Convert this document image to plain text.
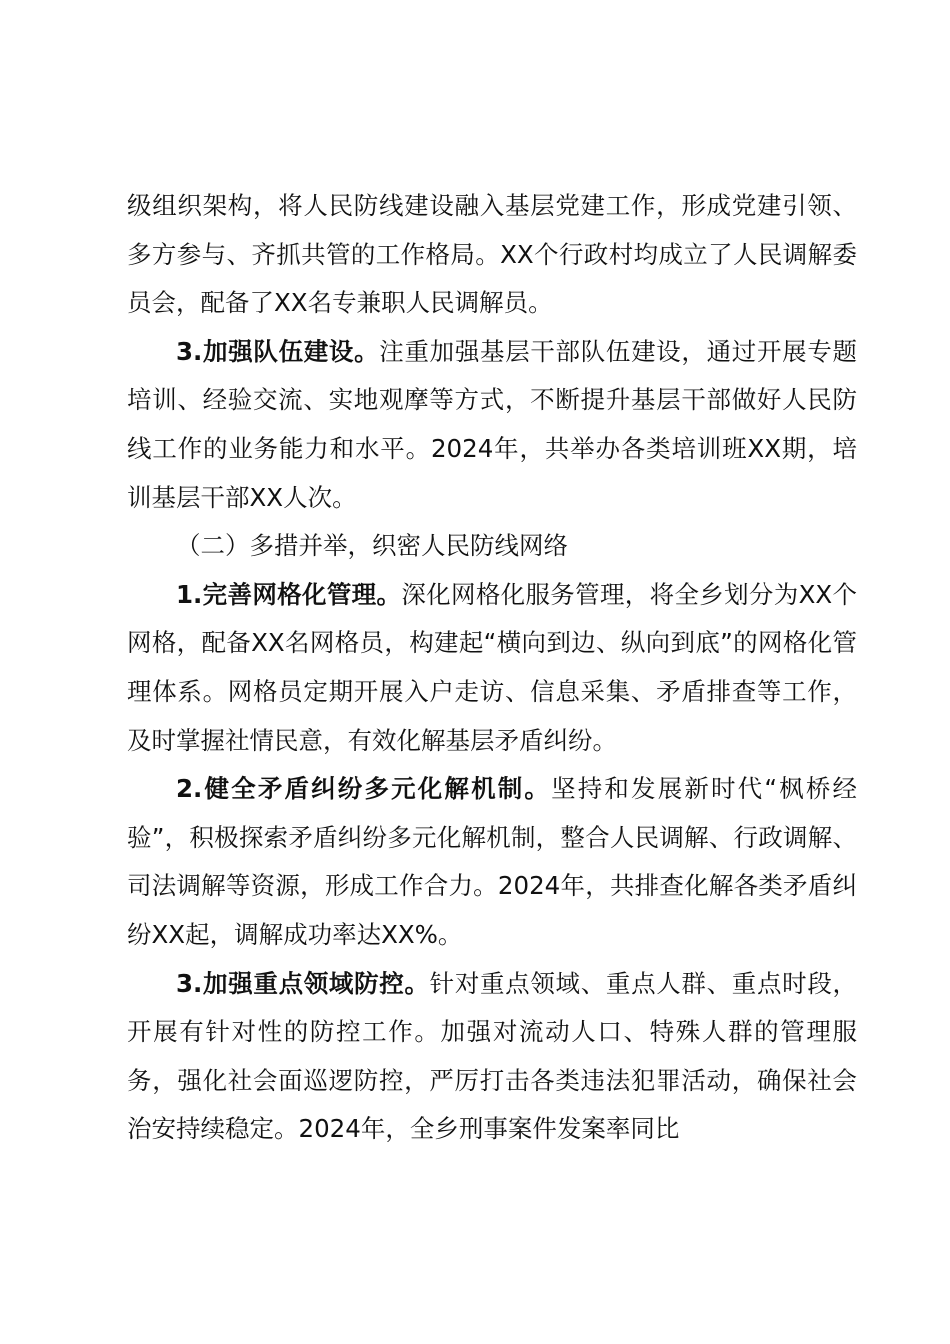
级组织架构，将人民防线建设融入基层党建工作，形成党建引领、多方参与、齐抓共管的工作格局。XX个行政村均成立了人民调解委员会，配备了XX名专兼职人民调解员。

3.加强队伍建设。注重加强基层干部队伍建设，通过开展专题培训、经验交流、实地观摩等方式，不断提升基层干部做好人民防线工作的业务能力和水平。2024年，共举办各类培训班XX期，培训基层干部XX人次。

（二）多措并举，织密人民防线网络

1.完善网格化管理。深化网格化服务管理，将全乡划分为XX个网格，配备XX名网格员，构建起“横向到边、纵向到底”的网格化管理体系。网格员定期开展入户走访、信息采集、矛盾排查等工作，及时掌握社情民意，有效化解基层矛盾纠纷。

2.健全矛盾纠纷多元化解机制。坚持和发展新时代“枫桥经验”，积极探索矛盾纠纷多元化解机制，整合人民调解、行政调解、司法调解等资源，形成工作合力。2024年，共排查化解各类矛盾纠纷XX起，调解成功率达XX%。

3.加强重点领域防控。针对重点领域、重点人群、重点时段，开展有针对性的防控工作。加强对流动人口、特殊人群的管理服务，强化社会面巡逻防控，严厉打击各类违法犯罪活动，确保社会治安持续稳定。2024年，全乡刑事案件发案率同比
